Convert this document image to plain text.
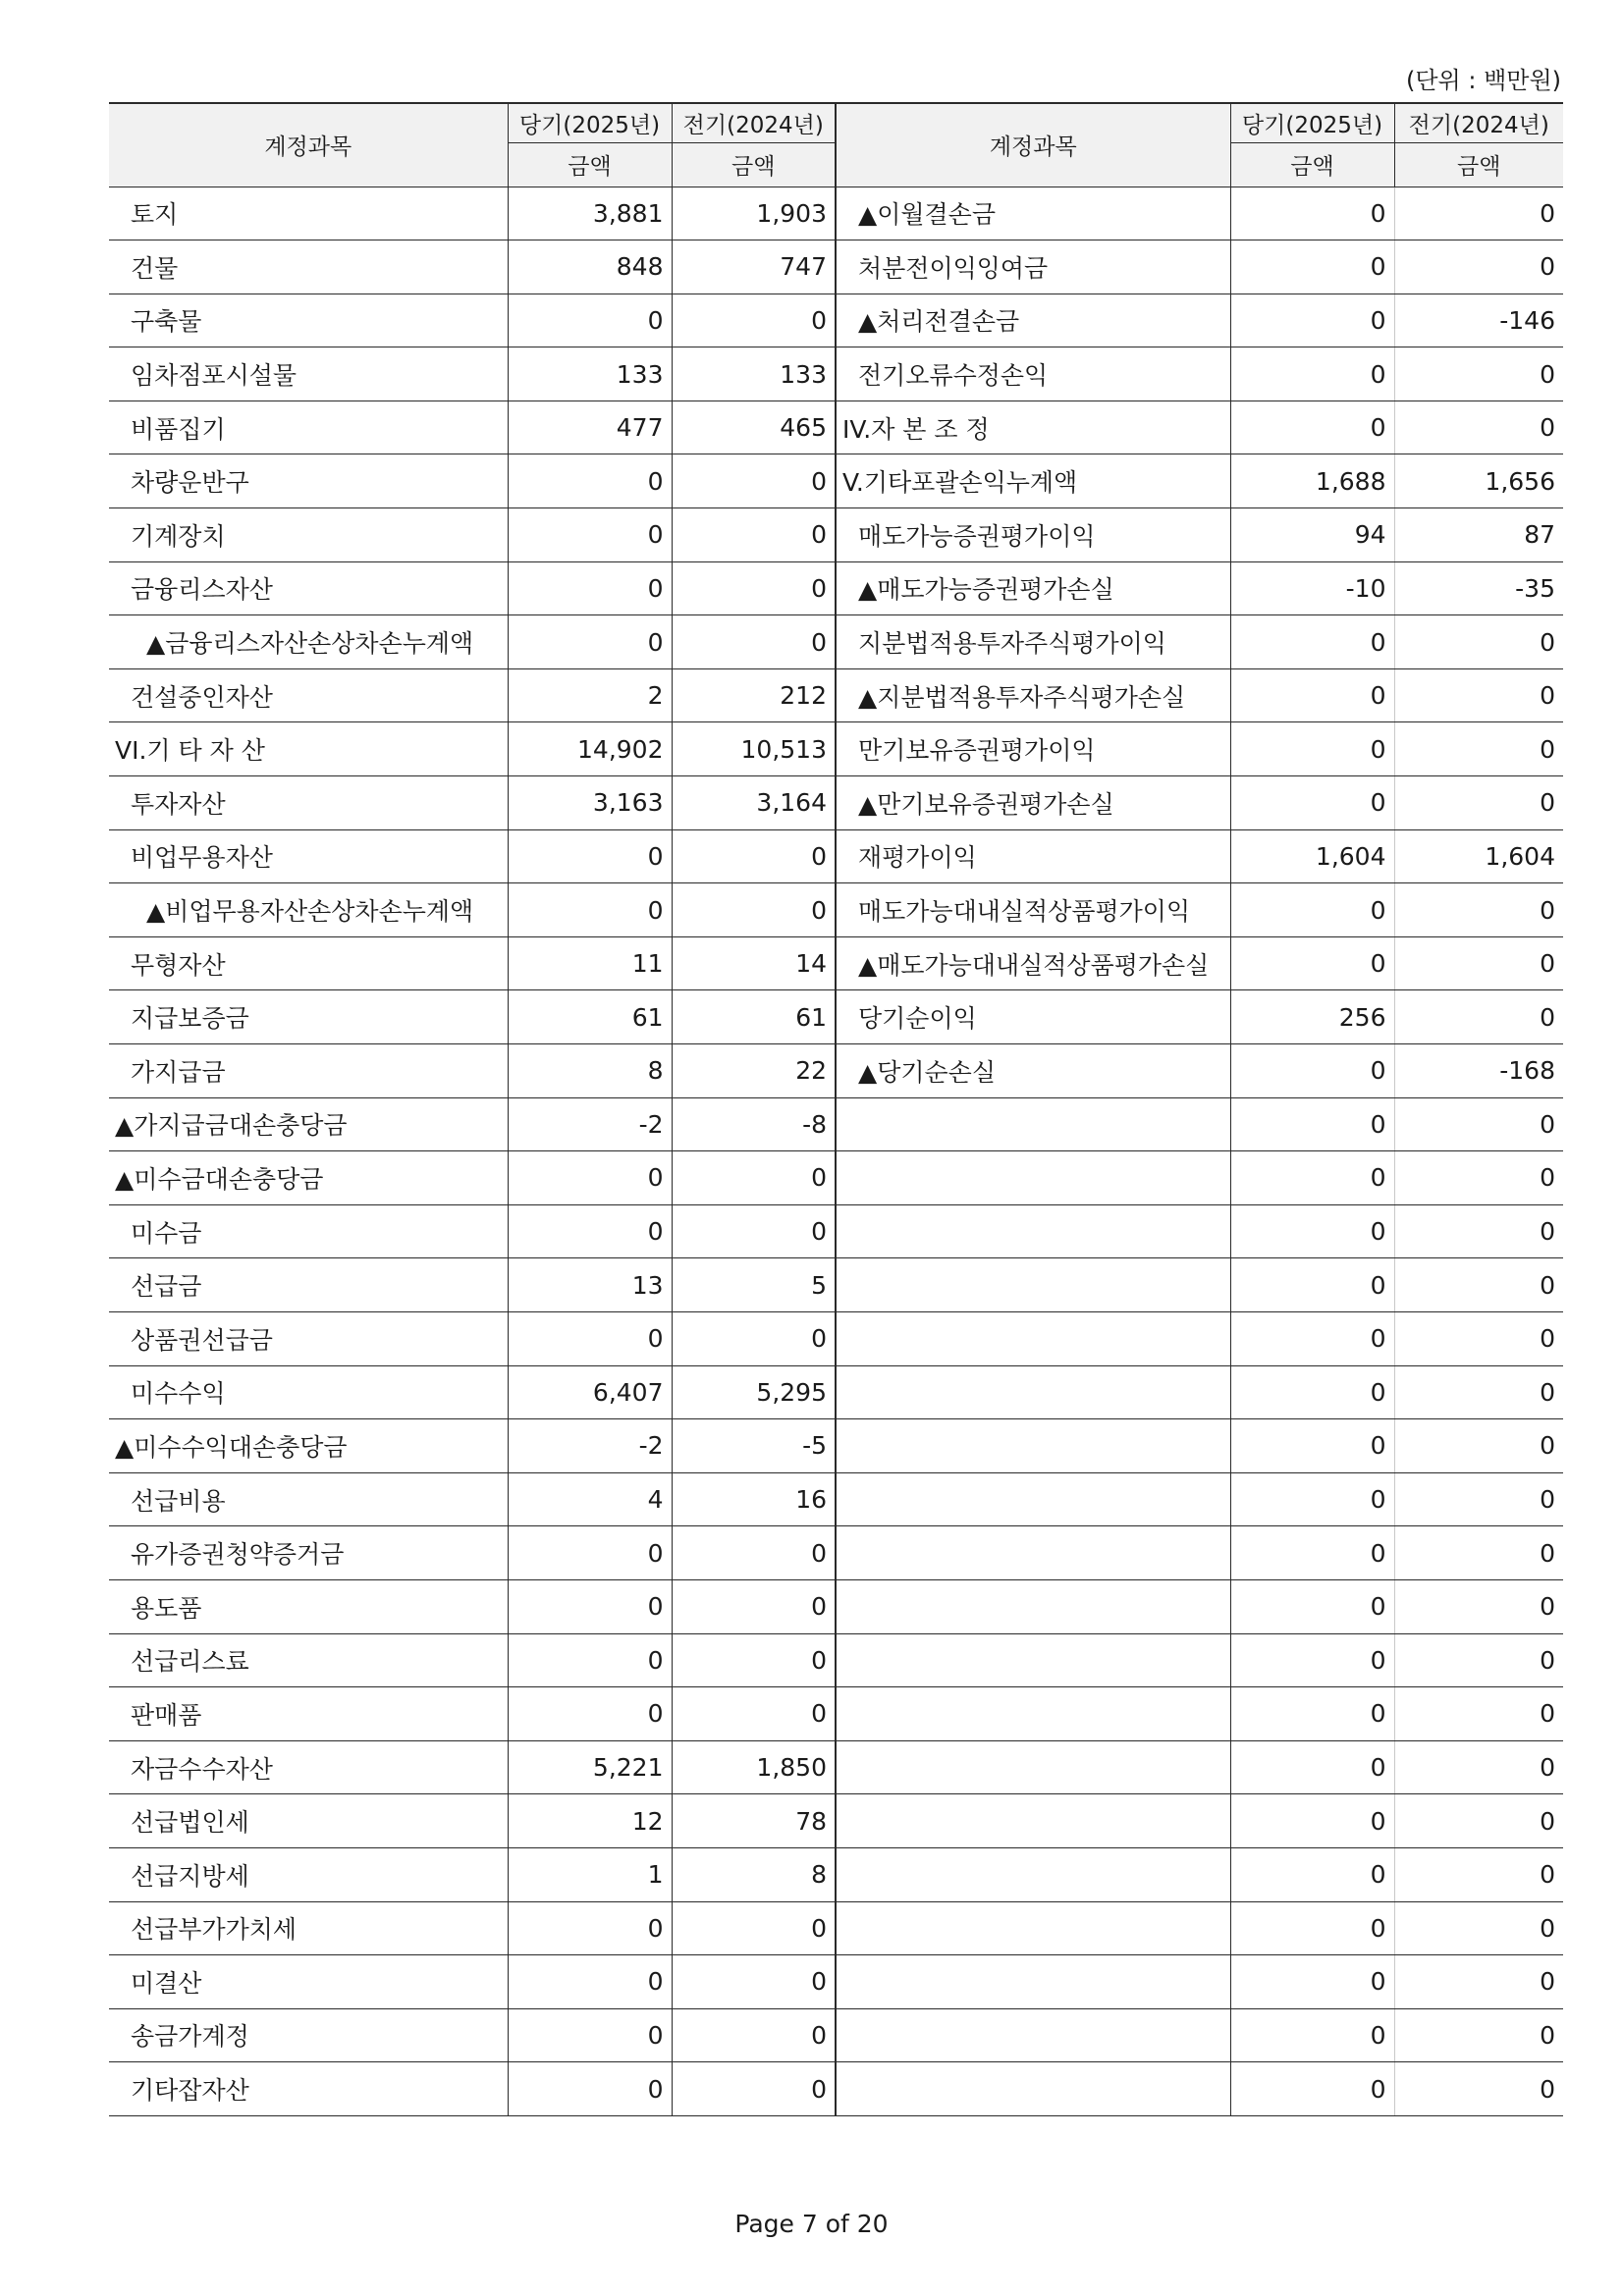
(단위 : 백만원)
계정과목	당기(2025년)	전기(2024년)	계정과목	당기(2025년)	전기(2024년)
	금액	금액		금액	금액
토지	3,881	1,903	▲이월결손금	0	0
건물	848	747	처분전이익잉여금	0	0
구축물	0	0	▲처리전결손금	0	-146
임차점포시설물	133	133	전기오류수정손익	0	0
비품집기	477	465	IV.자 본 조 정	0	0
차량운반구	0	0	V.기타포괄손익누계액	1,688	1,656
기계장치	0	0	매도가능증권평가이익	94	87
금융리스자산	0	0	▲매도가능증권평가손실	-10	-35
▲금융리스자산손상차손누계액	0	0	지분법적용투자주식평가이익	0	0
건설중인자산	2	212	▲지분법적용투자주식평가손실	0	0
VI.기 타 자 산	14,902	10,513	만기보유증권평가이익	0	0
투자자산	3,163	3,164	▲만기보유증권평가손실	0	0
비업무용자산	0	0	재평가이익	1,604	1,604
▲비업무용자산손상차손누계액	0	0	매도가능대내실적상품평가이익	0	0
무형자산	11	14	▲매도가능대내실적상품평가손실	0	0
지급보증금	61	61	당기순이익	256	0
가지급금	8	22	▲당기순손실	0	-168
▲가지급금대손충당금	-2	-8		0	0
▲미수금대손충당금	0	0		0	0
미수금	0	0		0	0
선급금	13	5		0	0
상품권선급금	0	0		0	0
미수수익	6,407	5,295		0	0
▲미수수익대손충당금	-2	-5		0	0
선급비용	4	16		0	0
유가증권청약증거금	0	0		0	0
용도품	0	0		0	0
선급리스료	0	0		0	0
판매품	0	0		0	0
자금수수자산	5,221	1,850		0	0
선급법인세	12	78		0	0
선급지방세	1	8		0	0
선급부가가치세	0	0		0	0
미결산	0	0		0	0
송금가계정	0	0		0	0
기타잡자산	0	0		0	0
Page 7 of 20
